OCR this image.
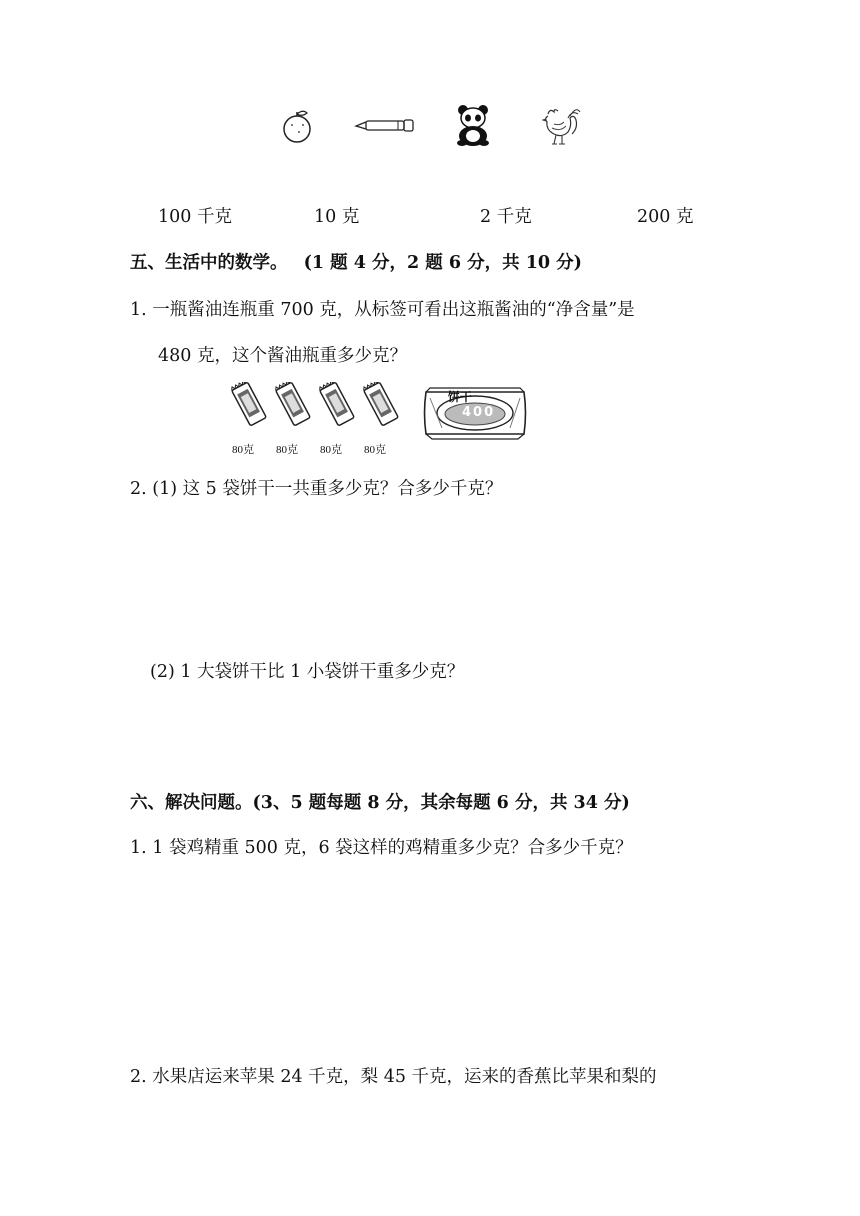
100 千克	10 克	2 千克	200 克
五、生活中的数学。 (1 题 4 分，2 题 6 分，共 10 分)
1. 一瓶酱油连瓶重 700 克，从标签可看出这瓶酱油的“净含量”是
480 克，这个酱油瓶重多少克？
80克 80克 80克 80克
饼干
400
2. (1) 这 5 袋饼干一共重多少克？合多少千克？
(2) 1 大袋饼干比 1 小袋饼干重多少克？
六、解决问题。(3、5 题每题 8 分，其余每题 6 分，共 34 分)
1. 1 袋鸡精重 500 克，6 袋这样的鸡精重多少克？合多少千克？
2. 水果店运来苹果 24 千克，梨 45 千克，运来的香蕉比苹果和梨的
